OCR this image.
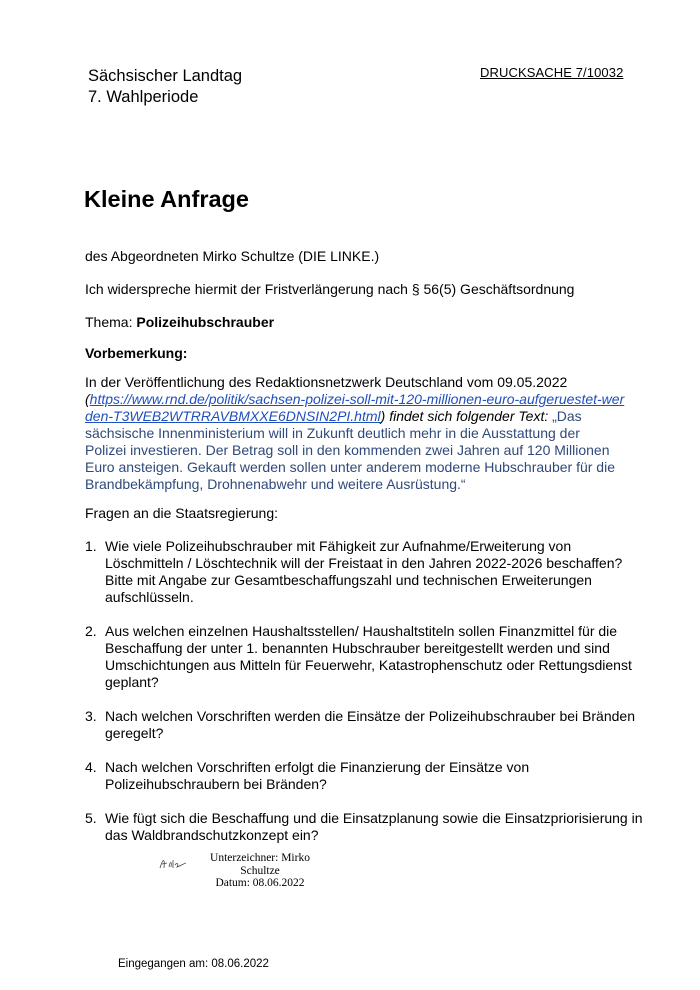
Sächsischer Landtag
7. Wahlperiode
DRUCKSACHE 7/10032
Kleine Anfrage
des Abgeordneten Mirko Schultze (DIE LINKE.)
Ich widerspreche hiermit der Fristverlängerung nach § 56(5) Geschäftsordnung
Thema: Polizeihubschrauber
Vorbemerkung:
In der Veröffentlichung des Redaktionsnetzwerk Deutschland vom 09.05.2022
(https://www.rnd.de/politik/sachsen-polizei-soll-mit-120-millionen-euro-aufgeruestet-werden-T3WEB2WTRRAVBMXXE6DNSIN2PI.html) findet sich folgender Text: „Das sächsische Innenministerium will in Zukunft deutlich mehr in die Ausstattung der Polizei investieren. Der Betrag soll in den kommenden zwei Jahren auf 120 Millionen Euro ansteigen. Gekauft werden sollen unter anderem moderne Hubschrauber für die Brandbekämpfung, Drohnenabwehr und weitere Ausrüstung.“
Fragen an die Staatsregierung:
1. Wie viele Polizeihubschrauber mit Fähigkeit zur Aufnahme/Erweiterung von Löschmitteln / Löschtechnik will der Freistaat in den Jahren 2022-2026 beschaffen? Bitte mit Angabe zur Gesamtbeschaffungszahl und technischen Erweiterungen aufschlüsseln.
2. Aus welchen einzelnen Haushaltsstellen/ Haushaltstiteln sollen Finanzmittel für die Beschaffung der unter 1. benannten Hubschrauber bereitgestellt werden und sind Umschichtungen aus Mitteln für Feuerwehr, Katastrophenschutz oder Rettungsdienst geplant?
3. Nach welchen Vorschriften werden die Einsätze der Polizeihubschrauber bei Bränden geregelt?
4. Nach welchen Vorschriften erfolgt die Finanzierung der Einsätze von Polizeihubschraubern bei Bränden?
5. Wie fügt sich die Beschaffung und die Einsatzplanung sowie die Einsatzpriorisierung in das Waldbrandschutzkonzept ein?
Unterzeichner: Mirko
Schultze
Datum: 08.06.2022
Eingegangen am: 08.06.2022
